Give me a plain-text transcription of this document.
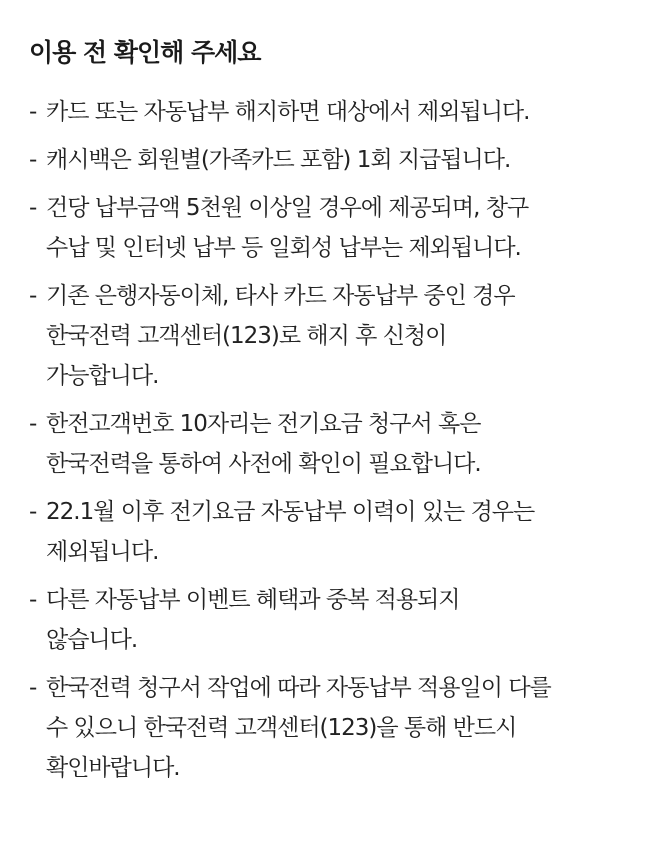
이용 전 확인해 주세요
- 카드 또는 자동납부 해지하면 대상에서 제외됩니다.
- 캐시백은 회원별(가족카드 포함) 1회 지급됩니다.
- 건당 납부금액 5천원 이상일 경우에 제공되며, 창구
수납 및 인터넷 납부 등 일회성 납부는 제외됩니다.
- 기존 은행자동이체, 타사 카드 자동납부 중인 경우
한국전력 고객센터(123)로 해지 후 신청이
가능합니다.
- 한전고객번호 10자리는 전기요금 청구서 혹은
한국전력을 통하여 사전에 확인이 필요합니다.
- 22.1월 이후 전기요금 자동납부 이력이 있는 경우는
제외됩니다.
- 다른 자동납부 이벤트 혜택과 중복 적용되지
않습니다.
- 한국전력 청구서 작업에 따라 자동납부 적용일이 다를
수 있으니 한국전력 고객센터(123)을 통해 반드시
확인바랍니다.
